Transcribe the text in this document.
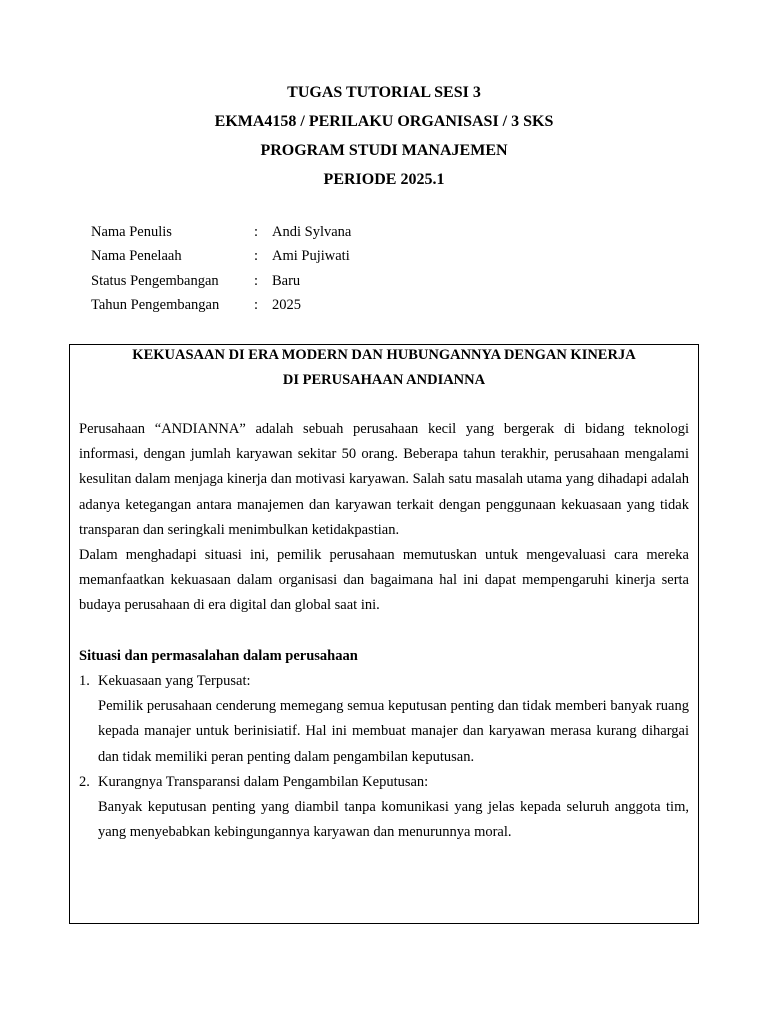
TUGAS TUTORIAL SESI 3

EKMA4158 / PERILAKU ORGANISASI / 3 SKS

PROGRAM STUDI MANAJEMEN

PERIODE 2025.1

Nama Penulis	: Andi Sylvana
Nama Penelaah	: Ami Pujiwati
Status Pengembangan	: Baru
Tahun Pengembangan	: 2025
KEKUASAAN DI ERA MODERN DAN HUBUNGANNYA DENGAN KINERJA
DI PERUSAHAAN ANDIANNA
Perusahaan “ANDIANNA” adalah sebuah perusahaan kecil yang bergerak di bidang teknologi informasi, dengan jumlah karyawan sekitar 50 orang. Beberapa tahun terakhir, perusahaan mengalami kesulitan dalam menjaga kinerja dan motivasi karyawan. Salah satu masalah utama yang dihadapi adalah adanya ketegangan antara manajemen dan karyawan terkait dengan penggunaan kekuasaan yang tidak transparan dan seringkali menimbulkan ketidakpastian.
Dalam menghadapi situasi ini, pemilik perusahaan memutuskan untuk mengevaluasi cara mereka memanfaatkan kekuasaan dalam organisasi dan bagaimana hal ini dapat mempengaruhi kinerja serta budaya perusahaan di era digital dan global saat ini.
Situasi dan permasalahan dalam perusahaan
1. Kekuasaan yang Terpusat:
Pemilik perusahaan cenderung memegang semua keputusan penting dan tidak memberi banyak ruang kepada manajer untuk berinisiatif. Hal ini membuat manajer dan karyawan merasa kurang dihargai dan tidak memiliki peran penting dalam pengambilan keputusan.
2. Kurangnya Transparansi dalam Pengambilan Keputusan:
Banyak keputusan penting yang diambil tanpa komunikasi yang jelas kepada seluruh anggota tim, yang menyebabkan kebingungannya karyawan dan menurunnya moral.
